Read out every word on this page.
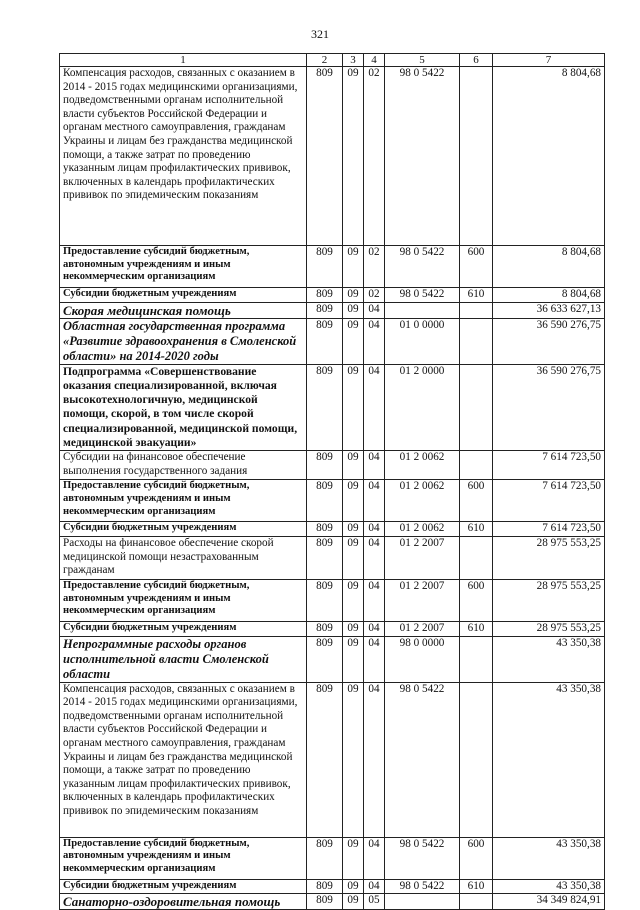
321
1	2	3	4	5	6	7
Компенсация расходов, связанных с оказанием в 2014 - 2015 годах медицинскими организациями, подведомственными органам исполнительной власти субъектов Российской Федерации и органам местного самоуправления, гражданам Украины и лицам без гражданства медицинской помощи, а также затрат по проведению указанным лицам профилактических прививок, включенных в календарь профилактических прививок по эпидемическим показаниям	809	09	02	98 0 5422		8 804,68
Предоставление субсидий бюджетным, автономным учреждениям и иным некоммерческим организациям	809	09	02	98 0 5422	600	8 804,68
Субсидии бюджетным учреждениям	809	09	02	98 0 5422	610	8 804,68
Скорая медицинская помощь	809	09	04			36 633 627,13
Областная государственная программа «Развитие здравоохранения в Смоленской области» на 2014-2020 годы	809	09	04	01 0 0000		36 590 276,75
Подпрограмма «Совершенствование оказания специализированной, включая высокотехнологичную, медицинской помощи, скорой, в том числе скорой специализированной, медицинской помощи, медицинской эвакуации»	809	09	04	01 2 0000		36 590 276,75
Субсидии на финансовое обеспечение выполнения государственного задания	809	09	04	01 2 0062		7 614 723,50
Предоставление субсидий бюджетным, автономным учреждениям и иным некоммерческим организациям	809	09	04	01 2 0062	600	7 614 723,50
Субсидии бюджетным учреждениям	809	09	04	01 2 0062	610	7 614 723,50
Расходы на финансовое обеспечение скорой медицинской помощи незастрахованным гражданам	809	09	04	01 2 2007		28 975 553,25
Предоставление субсидий бюджетным, автономным учреждениям и иным некоммерческим организациям	809	09	04	01 2 2007	600	28 975 553,25
Субсидии бюджетным учреждениям	809	09	04	01 2 2007	610	28 975 553,25
Непрограммные расходы органов исполнительной власти Смоленской области	809	09	04	98 0 0000		43 350,38
Компенсация расходов, связанных с оказанием в 2014 - 2015 годах медицинскими организациями, подведомственными органам исполнительной власти субъектов Российской Федерации и органам местного самоуправления, гражданам Украины и лицам без гражданства медицинской помощи, а также затрат по проведению указанным лицам профилактических прививок, включенных в календарь профилактических прививок по эпидемическим показаниям	809	09	04	98 0 5422		43 350,38
Предоставление субсидий бюджетным, автономным учреждениям и иным некоммерческим организациям	809	09	04	98 0 5422	600	43 350,38
Субсидии бюджетным учреждениям	809	09	04	98 0 5422	610	43 350,38
Санаторно-оздоровительная помощь	809	09	05			34 349 824,91
